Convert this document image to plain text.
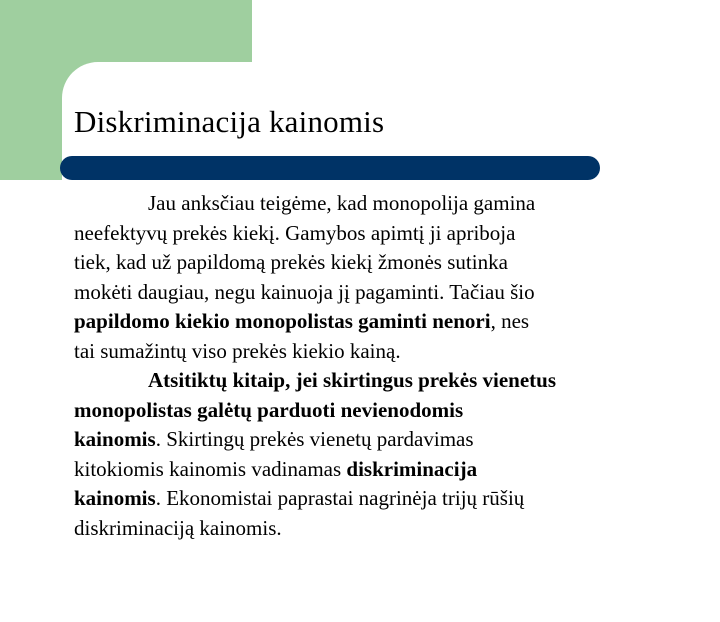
Diskriminacija kainomis

Jau anksčiau teigėme, kad monopolija gamina

neefektyvų prekės kiekį. Gamybos apimtį ji apriboja

tiek, kad už papildomą prekės kiekį žmonės sutinka

mokėti daugiau, negu kainuoja jį pagaminti. Tačiau šio

papildomo kiekio monopolistas gaminti nenori, nes

tai sumažintų viso prekės kiekio kainą.

Atsitiktų kitaip, jei skirtingus prekės vienetus

monopolistas galėtų parduoti nevienodomis

kainomis. Skirtingų prekės vienetų pardavimas

kitokiomis kainomis vadinamas diskriminacija

kainomis. Ekonomistai paprastai nagrinėja trijų rūšių

diskriminaciją kainomis.
